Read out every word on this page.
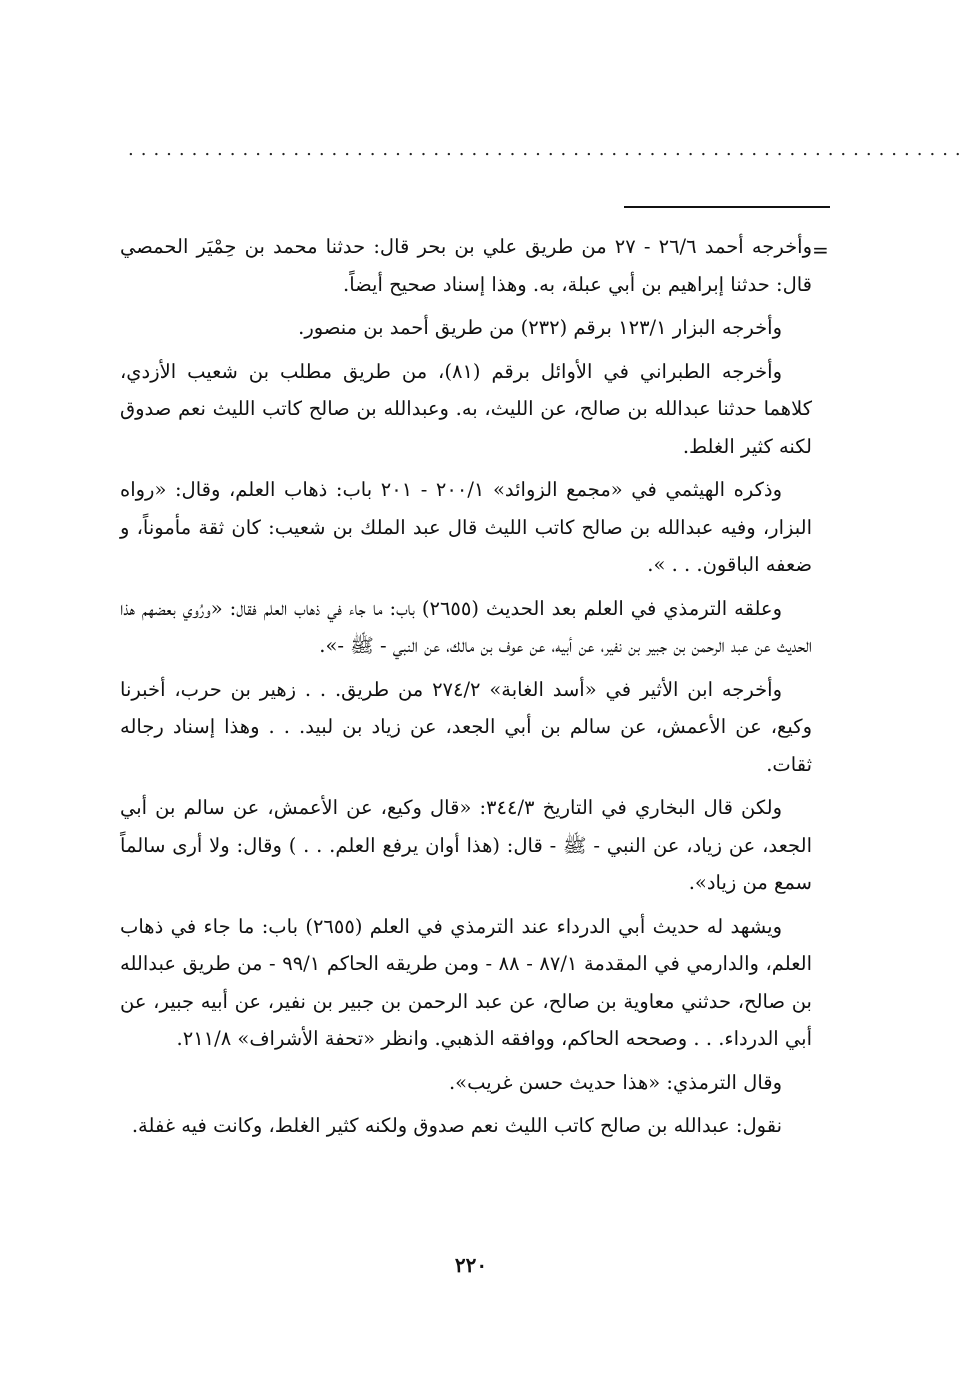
..................................................................
=

وأخرجه أحمد ٢٦/٦ - ٢٧ من طريق علي بن بحر قال: حدثنا محمد بن حِمْيَر الحمصي قال: حدثنا إبراهيم بن أبي عبلة، به. وهذا إسناد صحيح أيضاً.

وأخرجه البزار ١٢٣/١ برقم (٢٣٢) من طريق أحمد بن منصور.

وأخرجه الطبراني في الأوائل برقم (٨١)، من طريق مطلب بن شعيب الأزدي، كلاهما حدثنا عبدالله بن صالح، عن الليث، به. وعبدالله بن صالح كاتب الليث نعم صدوق لكنه كثير الغلط.

وذكره الهيثمي في «مجمع الزوائد» ٢٠٠/١ - ٢٠١ باب: ذهاب العلم، وقال: «رواه البزار، وفيه عبدالله بن صالح كاتب الليث قال عبد الملك بن شعيب: كان ثقة مأموناً، و ضعفه الباقون. . . ».

وعلقه الترمذي في العلم بعد الحديث (٢٦٥٥) باب: ما جاء في ذهاب العلم فقال: «ورُوي بعضهم هذا الحديث عن عبد الرحمن بن جبير بن نفير، عن أبيه، عن عوف بن مالك، عن النبي - ﷺ -».

وأخرجه ابن الأثير في «أسد الغابة» ٢٧٤/٢ من طريق. . . زهير بن حرب، أخبرنا وكيع، عن الأعمش، عن سالم بن أبي الجعد، عن زياد بن لبيد. . . وهذا إسناد رجاله ثقات.

ولكن قال البخاري في التاريخ ٣٤٤/٣: «قال وكيع، عن الأعمش، عن سالم بن أبي الجعد، عن زياد، عن النبي - ﷺ - قال: (هذا أوان يرفع العلم. . . ) وقال: ولا أرى سالماً سمع من زياد».

ويشهد له حديث أبي الدرداء عند الترمذي في العلم (٢٦٥٥) باب: ما جاء في ذهاب العلم، والدارمي في المقدمة ٨٧/١ - ٨٨ - ومن طريقه الحاكم ٩٩/١ - من طريق عبدالله بن صالح، حدثني معاوية بن صالح، عن عبد الرحمن بن جبير بن نفير، عن أبيه جبير، عن أبي الدرداء. . . وصححه الحاكم، ووافقه الذهبي. وانظر «تحفة الأشراف» ٢١١/٨.

وقال الترمذي: «هذا حديث حسن غريب».

نقول: عبدالله بن صالح كاتب الليث نعم صدوق ولكنه كثير الغلط، وكانت فيه غفلة.

٢٢٠
